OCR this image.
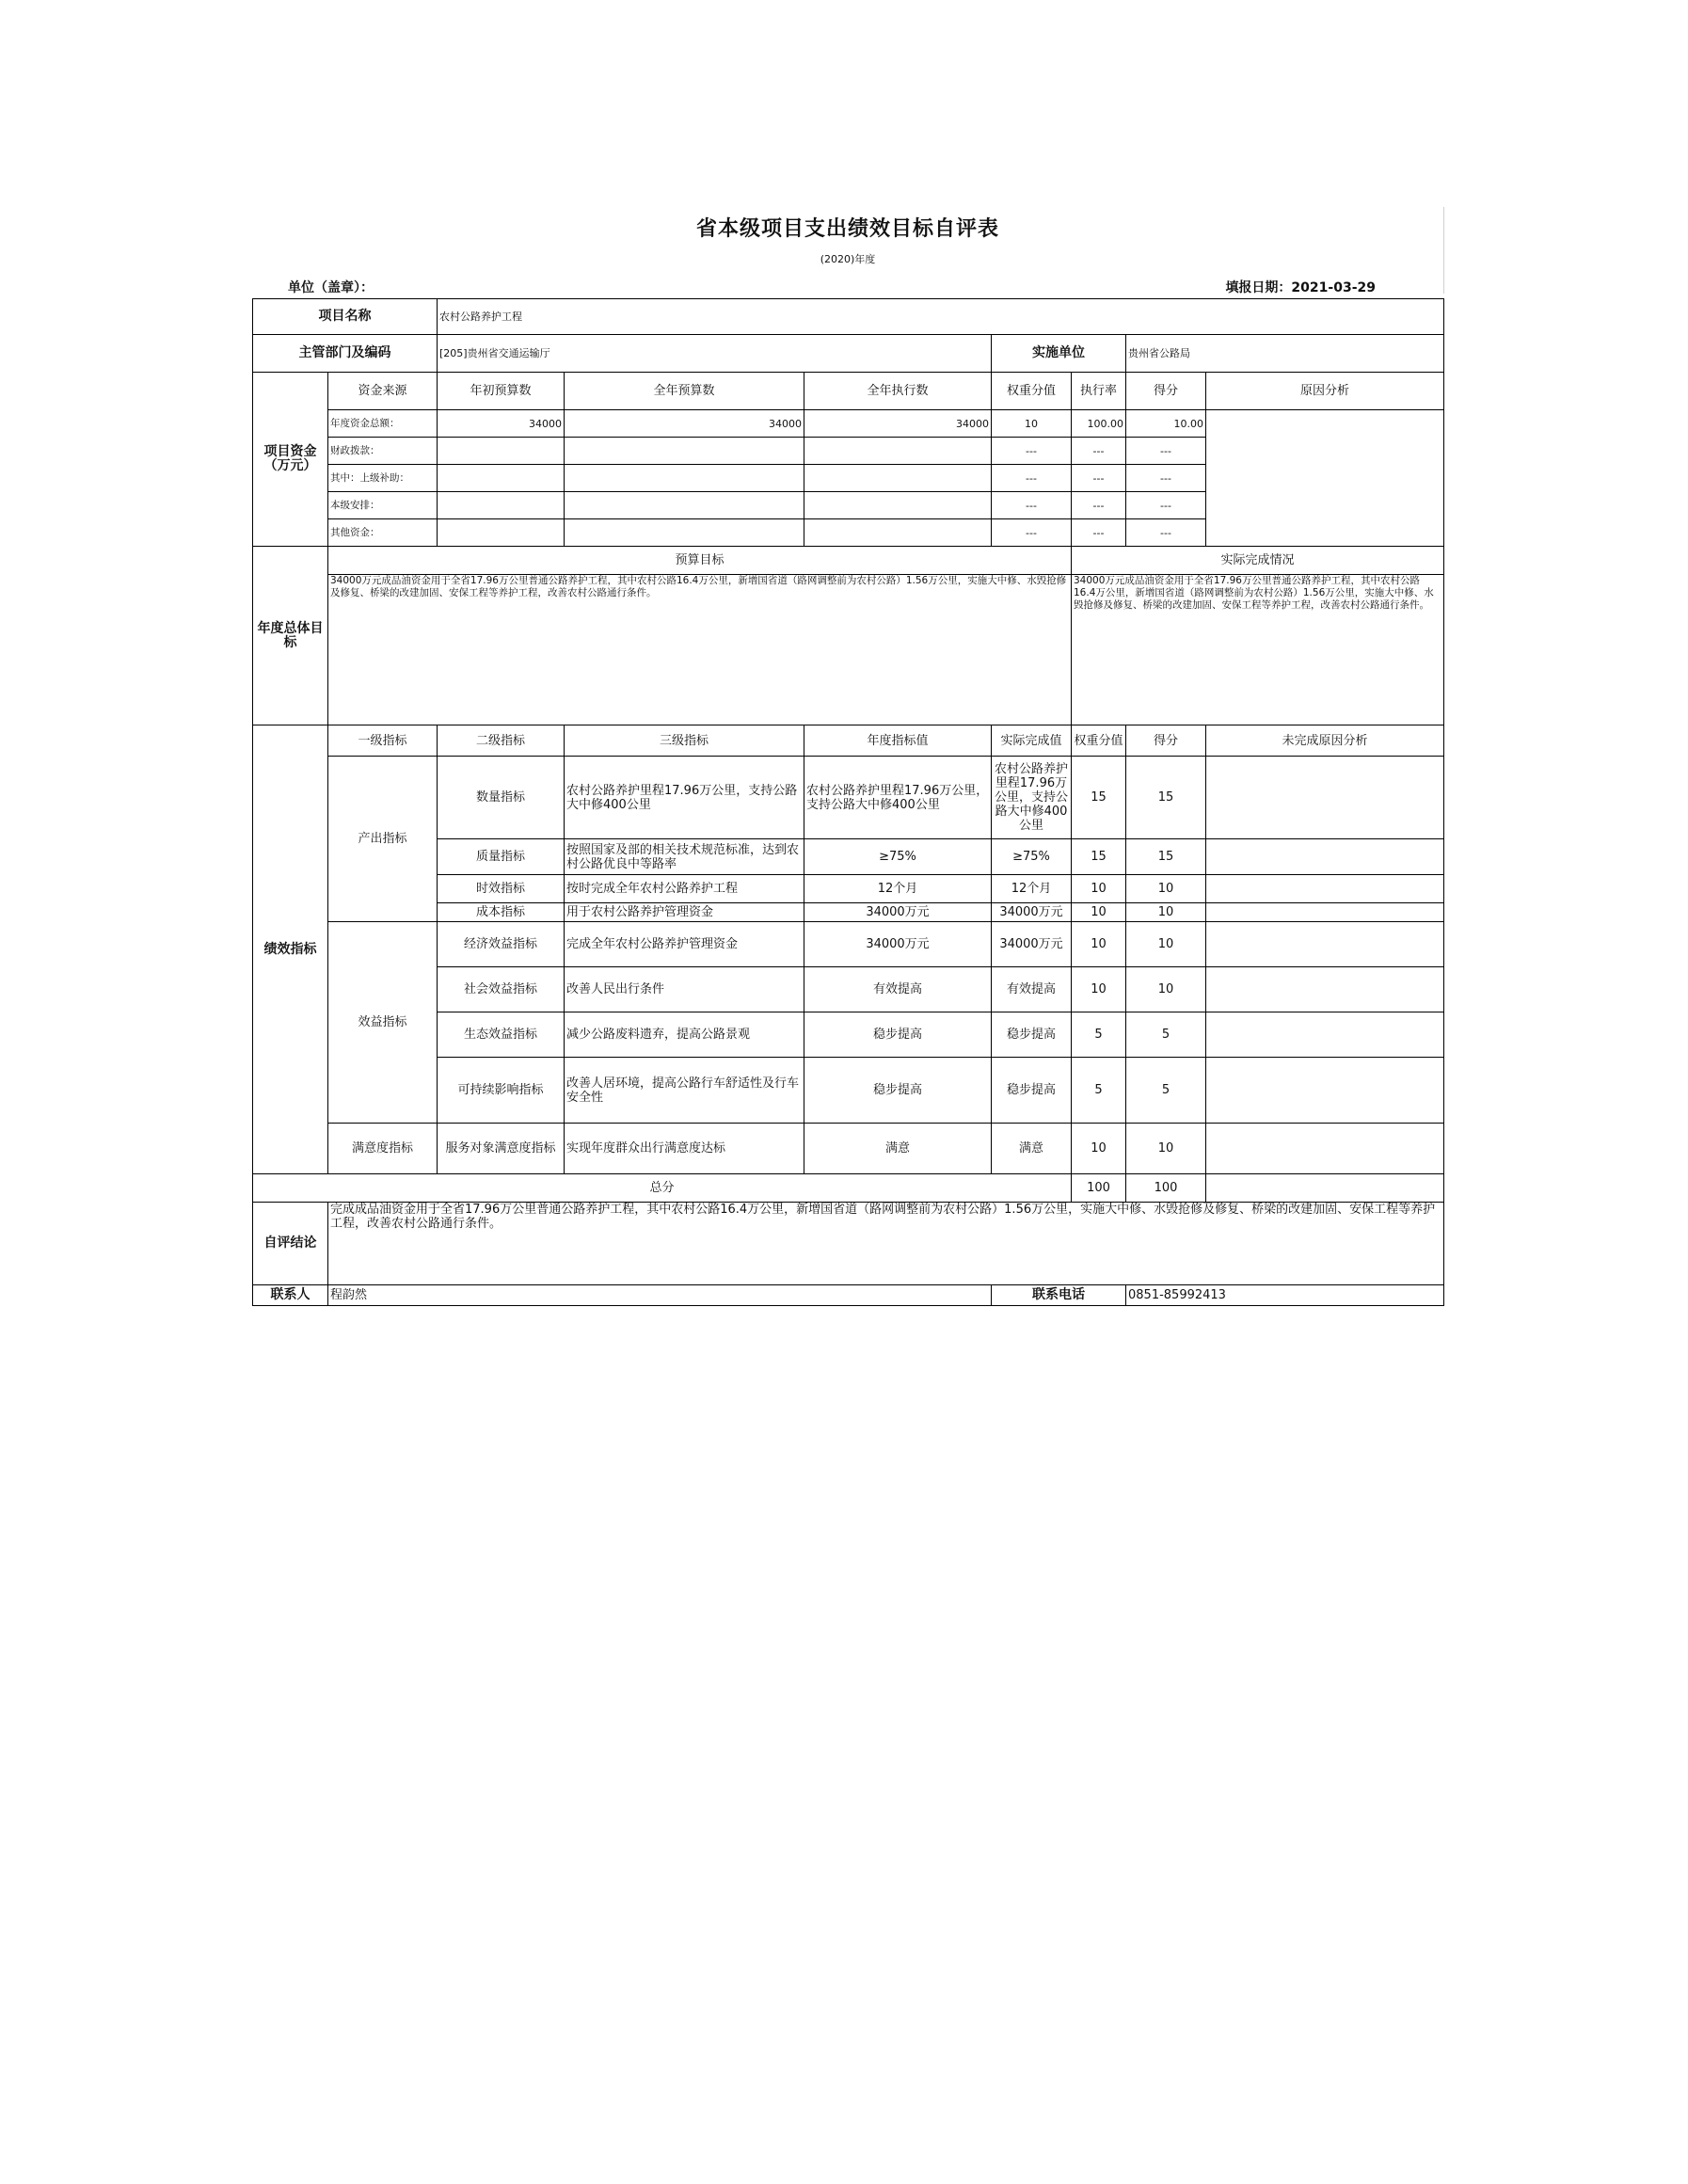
省本级项目支出绩效目标自评表
(2020)年度
单位（盖章）：	填报日期：2021-03-29
项目名称		农村公路养护工程						
主管部门及编码		[205]贵州省交通运输厅			实施单位		贵州省公路局	
项目资金（万元）	资金来源	年初预算数	全年预算数	全年执行数	权重分值	执行率	得分	原因分析
	年度资金总额：	34000	34000	34000	10	100.00	10.00	
	财政拨款：				---	---	---	
	其中：上级补助：				---	---	---	
	本级安排：				---	---	---	
	其他资金：				---	---	---	
年度总体目标	预算目标					实际完成情况		
	34000万元成品油资金用于全省17.96万公里普通公路养护工程，其中农村公路16.4万公里，新增国省道（路网调整前为农村公路）1.56万公里，实施大中修、水毁抢修及修复、桥梁的改建加固、安保工程等养护工程，改善农村公路通行条件。					34000万元成品油资金用于全省17.96万公里普通公路养护工程，其中农村公路16.4万公里，新增国省道（路网调整前为农村公路）1.56万公里，实施大中修、水毁抢修及修复、桥梁的改建加固、安保工程等养护工程，改善农村公路通行条件。		
绩效指标	一级指标	二级指标	三级指标	年度指标值	实际完成值	权重分值	得分	未完成原因分析
	产出指标	数量指标	农村公路养护里程17.96万公里，支持公路大中修400公里	农村公路养护里程17.96万公里，支持公路大中修400公里	农村公路养护里程17.96万公里，支持公路大中修400公里	15	15	
		质量指标	按照国家及部的相关技术规范标准，达到农村公路优良中等路率	≥75%	≥75%	15	15	
		时效指标	按时完成全年农村公路养护工程	12个月	12个月	10	10	
		成本指标	用于农村公路养护管理资金	34000万元	34000万元	10	10	
	效益指标	经济效益指标	完成全年农村公路养护管理资金	34000万元	34000万元	10	10	
		社会效益指标	改善人民出行条件	有效提高	有效提高	10	10	
		生态效益指标	减少公路废料遗弃，提高公路景观	稳步提高	稳步提高	5	5	
		可持续影响指标	改善人居环境，提高公路行车舒适性及行车安全性	稳步提高	稳步提高	5	5	
	满意度指标	服务对象满意度指标	实现年度群众出行满意度达标	满意	满意	10	10	
总分						100	100	
自评结论	完成成品油资金用于全省17.96万公里普通公路养护工程，其中农村公路16.4万公里，新增国省道（路网调整前为农村公路）1.56万公里，实施大中修、水毁抢修及修复、桥梁的改建加固、安保工程等养护工程，改善农村公路通行条件。							
联系人	程韵然				联系电话		0851-85992413	
